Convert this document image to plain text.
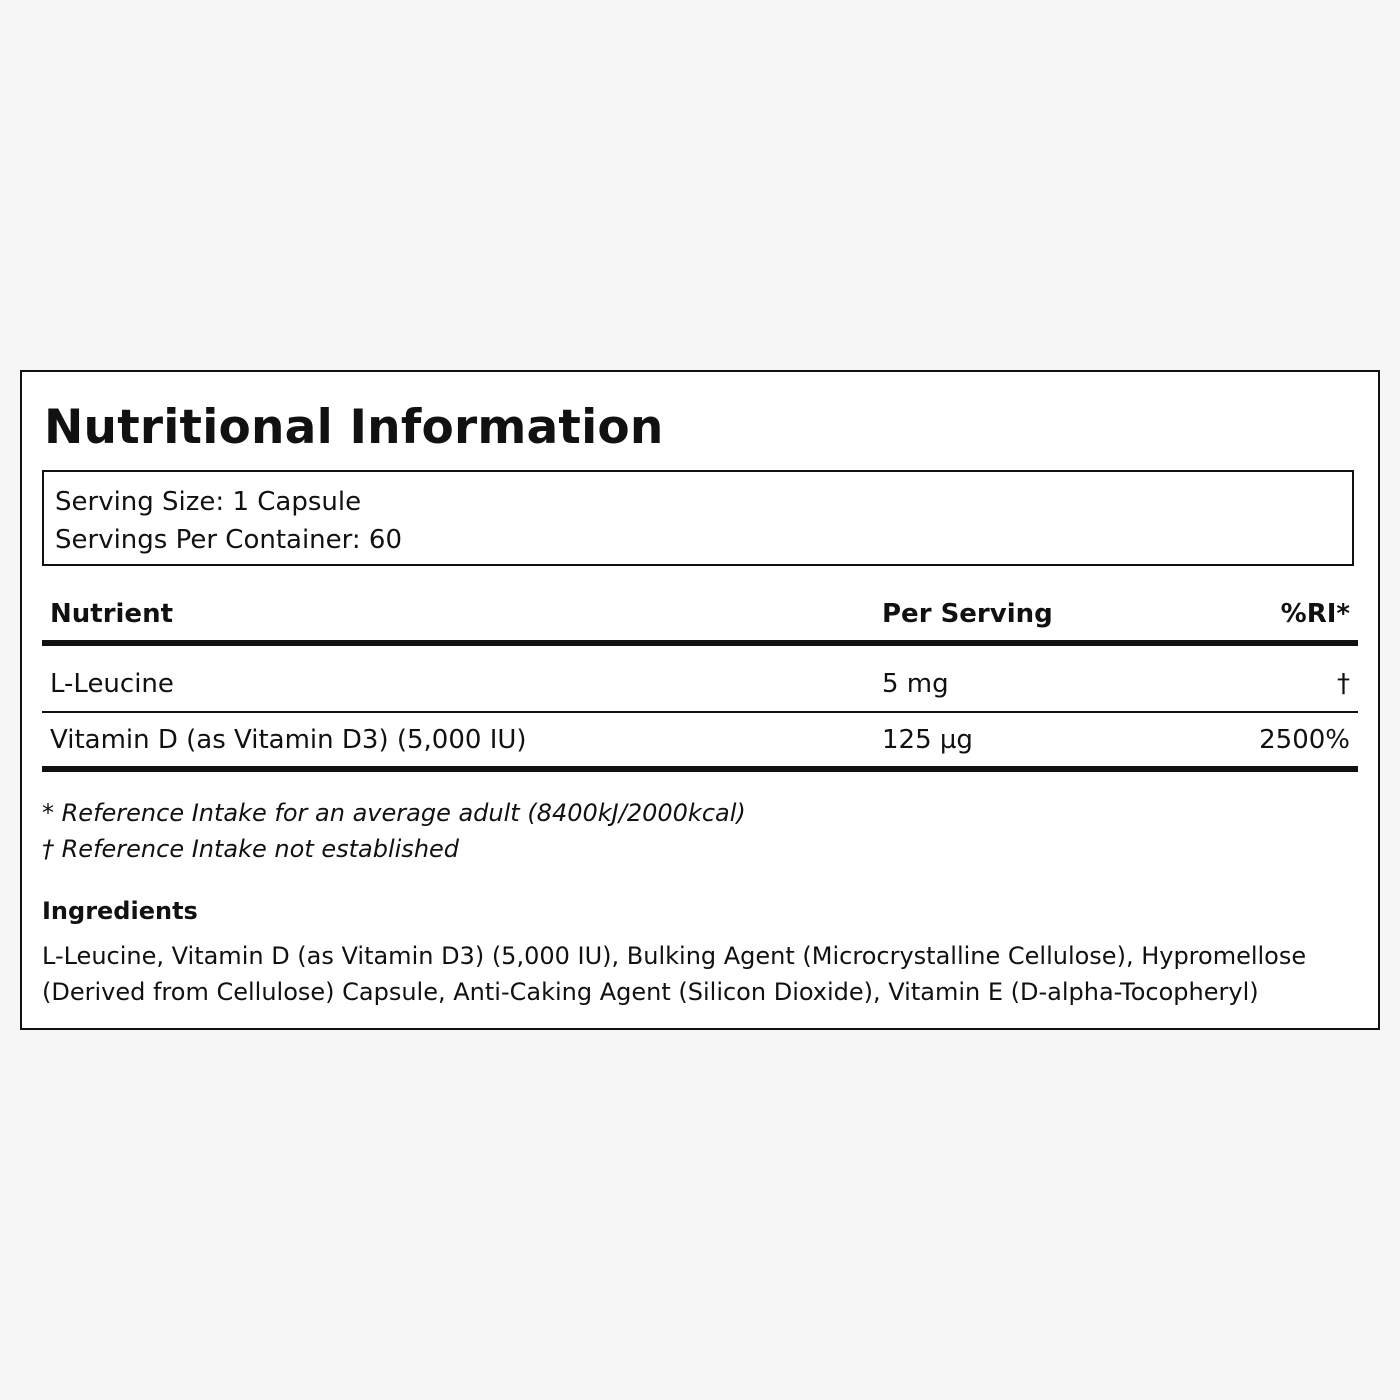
Nutritional Information
Serving Size: 1 Capsule
Servings Per Container: 60
Nutrient	Per Serving	%RI*
L-Leucine	5 mg	†
Vitamin D (as Vitamin D3) (5,000 IU)	125 µg	2500%
* Reference Intake for an average adult (8400kJ/2000kcal)
† Reference Intake not established
Ingredients

L-Leucine, Vitamin D (as Vitamin D3) (5,000 IU), Bulking Agent (Microcrystalline Cellulose), Hypromellose (Derived from Cellulose) Capsule, Anti-Caking Agent (Silicon Dioxide), Vitamin E (D-alpha-Tocopheryl)
